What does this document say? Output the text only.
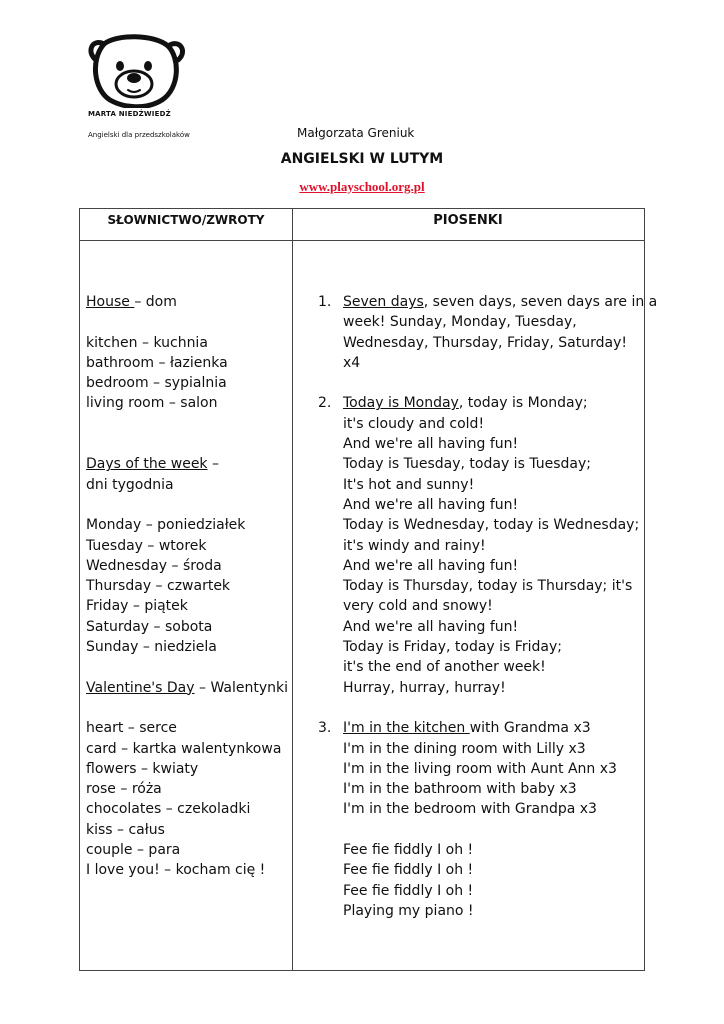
MARTA NIEDŹWIEDŹ
Angielski dla przedszkolaków	Małgorzata Greniuk
ANGIELSKI W LUTYM
www.playschool.org.pl
SŁOWNICTWO/ZWROTY	PIOSENKI
House – dom
kitchen – kuchnia
bathroom – łazienka
bedroom – sypialnia
living room – salon
Days of the week –
dni tygodnia
Monday – poniedziałek
Tuesday – wtorek
Wednesday – środa
Thursday – czwartek
Friday – piątek
Saturday – sobota
Sunday – niedziela
Valentine's Day – Walentynki
heart – serce
card – kartka walentynkowa
flowers – kwiaty
rose – róża
chocolates – czekoladki
kiss – całus
couple – para
I love you! – kocham cię !
1. Seven days, seven days, seven days are in a
week! Sunday, Monday, Tuesday,
Wednesday, Thursday, Friday, Saturday!
x4
2. Today is Monday, today is Monday;
it's cloudy and cold!
And we're all having fun!
Today is Tuesday, today is Tuesday;
It's hot and sunny!
And we're all having fun!
Today is Wednesday, today is Wednesday;
it's windy and rainy!
And we're all having fun!
Today is Thursday, today is Thursday; it's
very cold and snowy!
And we're all having fun!
Today is Friday, today is Friday;
it's the end of another week!
Hurray, hurray, hurray!
3. I'm in the kitchen with Grandma x3
I'm in the dining room with Lilly x3
I'm in the living room with Aunt Ann x3
I'm in the bathroom with baby x3
I'm in the bedroom with Grandpa x3
Fee fie fiddly I oh !
Fee fie fiddly I oh !
Fee fie fiddly I oh !
Playing my piano !
